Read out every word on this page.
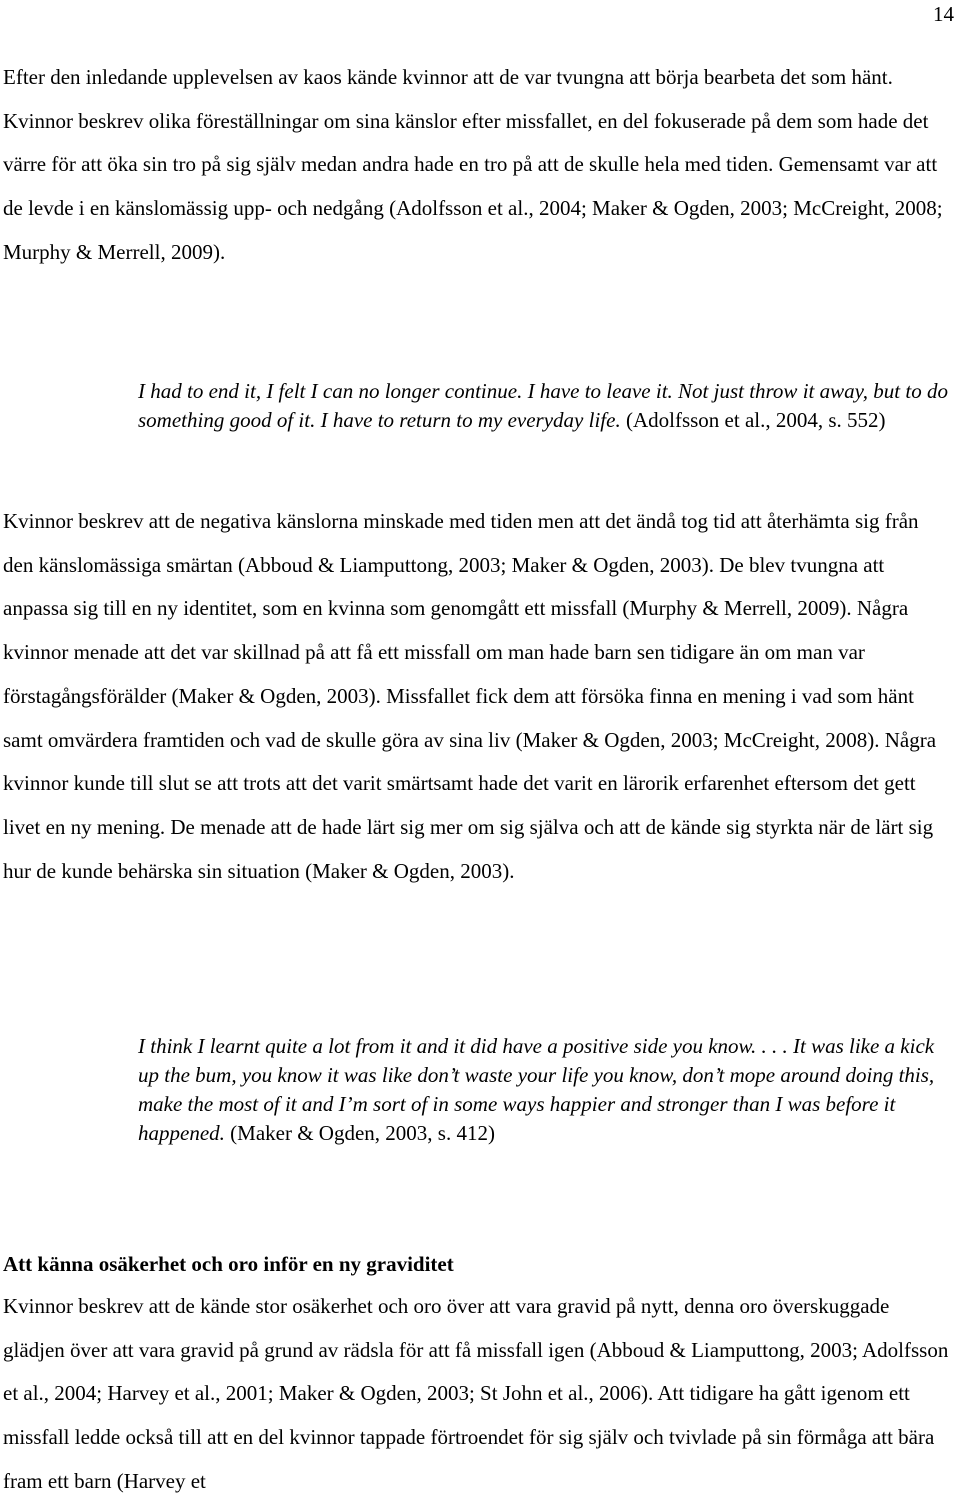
14

Efter den inledande upplevelsen av kaos kände kvinnor att de var tvungna att börja bearbeta det som hänt. Kvinnor beskrev olika föreställningar om sina känslor efter missfallet, en del fokuserade på dem som hade det värre för att öka sin tro på sig själv medan andra hade en tro på att de skulle hela med tiden. Gemensamt var att de levde i en känslomässig upp- och nedgång (Adolfsson et al., 2004; Maker & Ogden, 2003; McCreight, 2008; Murphy & Merrell, 2009).

I had to end it, I felt I can no longer continue. I have to leave it. Not just throw it away, but to do something good of it. I have to return to my everyday life. (Adolfsson et al., 2004, s. 552)

Kvinnor beskrev att de negativa känslorna minskade med tiden men att det ändå tog tid att återhämta sig från den känslomässiga smärtan (Abboud & Liamputtong, 2003; Maker & Ogden, 2003). De blev tvungna att anpassa sig till en ny identitet, som en kvinna som genomgått ett missfall (Murphy & Merrell, 2009). Några kvinnor menade att det var skillnad på att få ett missfall om man hade barn sen tidigare än om man var förstagångsförälder (Maker & Ogden, 2003). Missfallet fick dem att försöka finna en mening i vad som hänt samt omvärdera framtiden och vad de skulle göra av sina liv (Maker & Ogden, 2003; McCreight, 2008). Några kvinnor kunde till slut se att trots att det varit smärtsamt hade det varit en lärorik erfarenhet eftersom det gett livet en ny mening. De menade att de hade lärt sig mer om sig själva och att de kände sig styrkta när de lärt sig hur de kunde behärska sin situation (Maker & Ogden, 2003).

I think I learnt quite a lot from it and it did have a positive side you know. . . . It was like a kick up the bum, you know it was like don’t waste your life you know, don’t mope around doing this, make the most of it and I’m sort of in some ways happier and stronger than I was before it happened. (Maker & Ogden, 2003, s. 412)

Att känna osäkerhet och oro inför en ny graviditet

Kvinnor beskrev att de kände stor osäkerhet och oro över att vara gravid på nytt, denna oro överskuggade glädjen över att vara gravid på grund av rädsla för att få missfall igen (Abboud & Liamputtong, 2003; Adolfsson et al., 2004; Harvey et al., 2001; Maker & Ogden, 2003; St John et al., 2006). Att tidigare ha gått igenom ett missfall ledde också till att en del kvinnor tappade förtroendet för sig själv och tvivlade på sin förmåga att bära fram ett barn (Harvey et
